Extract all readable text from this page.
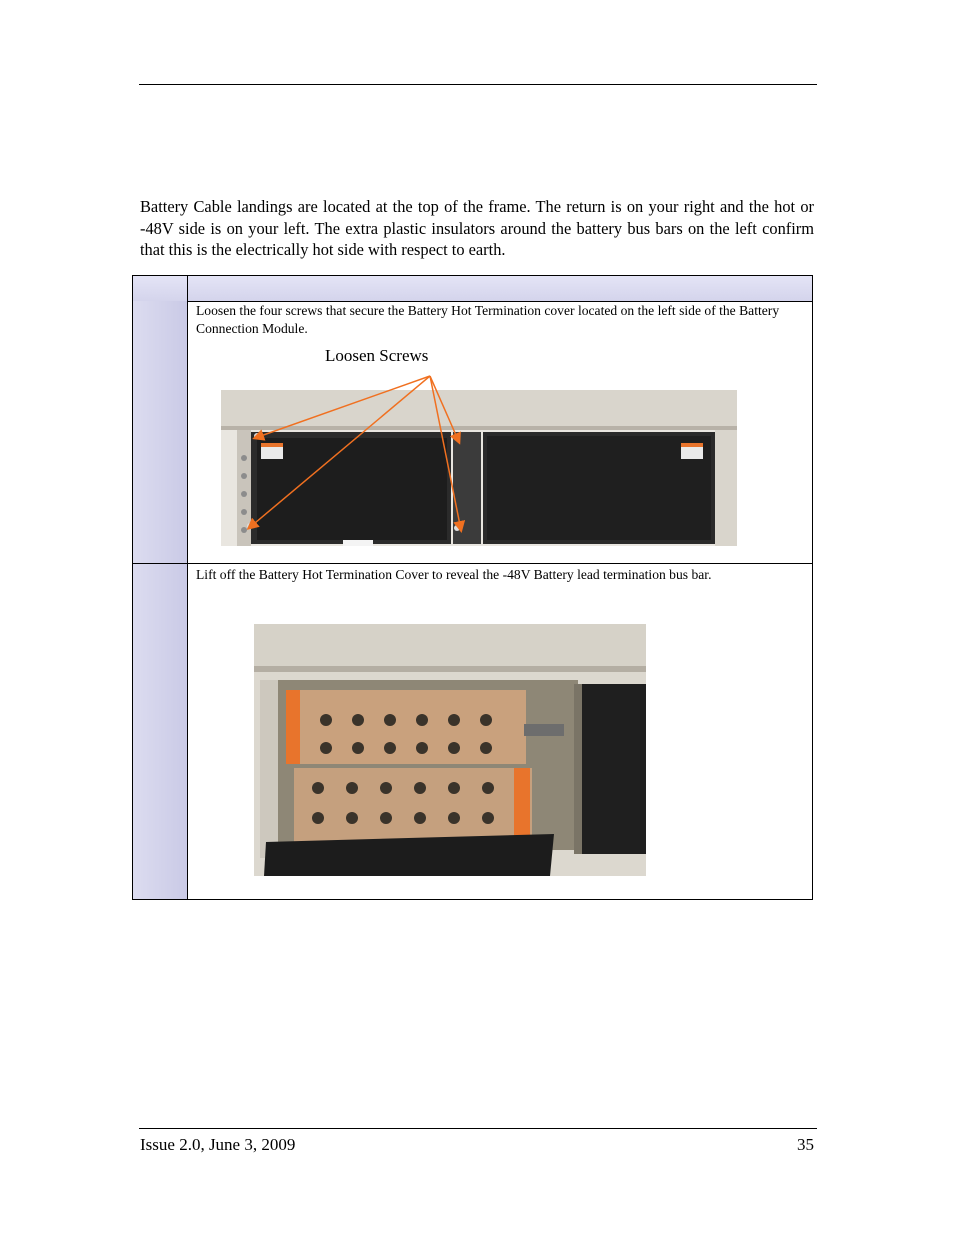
Battery Cable landings are located at the top of the frame. The return is on your right and the hot or -48V side is on your left. The extra plastic insulators around the battery bus bars on the left confirm that this is the electrically hot side with respect to earth.

Loosen the four screws that secure the Battery Hot Termination cover located on the left side of the Battery Connection Module.
Loosen Screws
Lift off the Battery Hot Termination Cover to reveal the -48V Battery lead termination bus bar.
Issue 2.0, June 3, 2009	35
